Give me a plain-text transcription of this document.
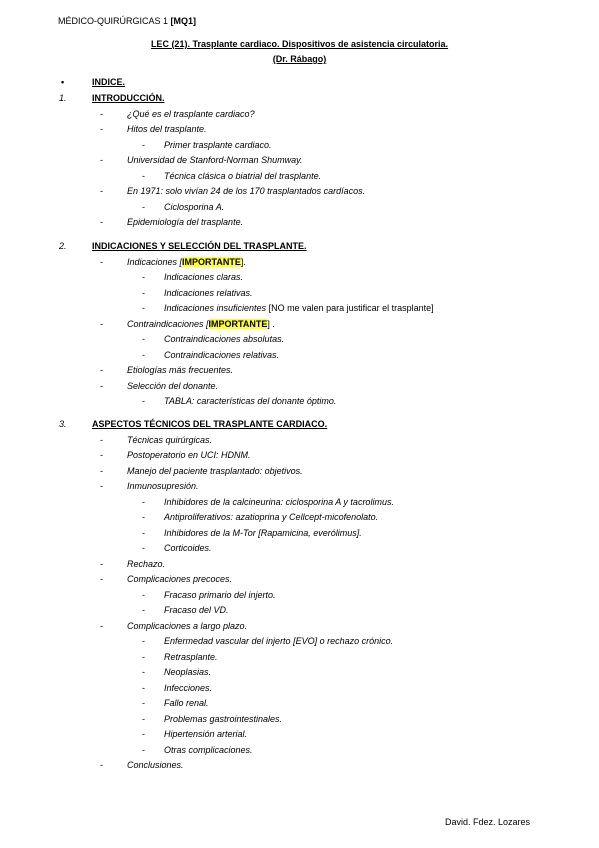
MÉDICO-QUIRÚRGICAS 1 [MQ1]
LEC (21). Trasplante cardiaco. Dispositivos de asistencia circulatoria.
(Dr. Rábago)
•	INDICE.
1.	INTRODUCCIÓN.
-	¿Qué es el trasplante cardiaco?
-	Hitos del trasplante.
- Primer trasplante cardiaco.
-	Universidad de Stanford-Norman Shumway.
- Técnica clásica o biatrial del trasplante.
-	En 1971: solo vivían 24 de los 170 trasplantados cardíacos.
- Ciclosporina A.
-	Epidemiología del trasplante.
2.	INDICACIONES Y SELECCIÓN DEL TRASPLANTE.
-	Indicaciones [IMPORTANTE].
- Indicaciones claras.
- Indicaciones relativas.
- Indicaciones insuficientes [NO me valen para justificar el trasplante]
-	Contraindicaciones [IMPORTANTE] .
- Contraindicaciones absolutas.
- Contraindicaciones relativas.
-	Etiologías más frecuentes.
-	Selección del donante.
- TABLA: características del donante óptimo.
3.	ASPECTOS TÉCNICOS DEL TRASPLANTE CARDIACO.
-	Técnicas quirúrgicas.
-	Postoperatorio en UCI: HDNM.
-	Manejo del paciente trasplantado: objetivos.
-	Inmunosupresión.
- Inhibidores de la calcineurina: ciclosporina A y tacrolimus.
- Antiproliferativos: azatioprina y Cellcept-micofenolato.
- Inhibidores de la M-Tor [Rapamicina, everólimus].
- Corticoides.
-	Rechazo.
-	Complicaciones precoces.
- Fracaso primario del injerto.
- Fracaso del VD.
-	Complicaciones a largo plazo.
- Enfermedad vascular del injerto [EVO] o rechazo crónico.
- Retrasplante.
- Neoplasias.
- Infecciones.
- Fallo renal.
- Problemas gastrointestinales.
- Hipertensión arterial.
- Otras complicaciones.
-	Conclusiones.
David. Fdez. Lozares
